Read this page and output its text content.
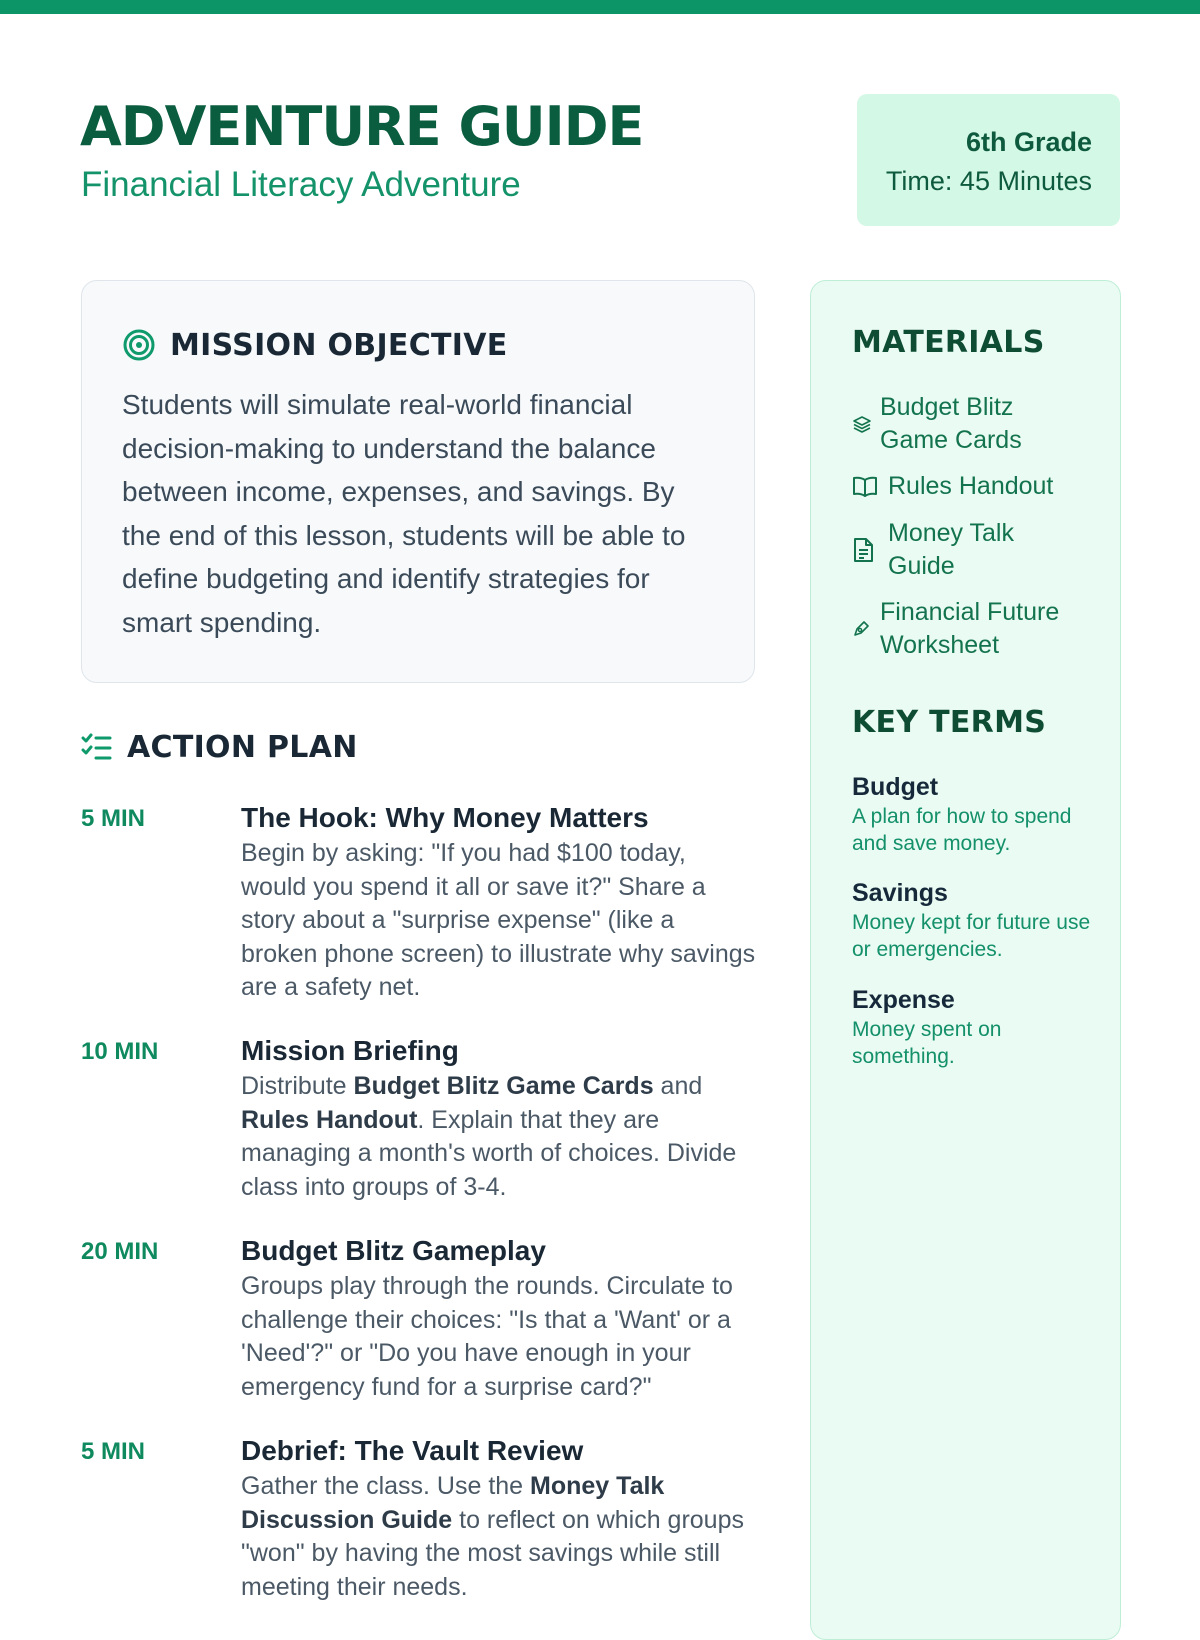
ADVENTURE GUIDE
Financial Literacy Adventure
6th Grade
Time: 45 Minutes
MISSION OBJECTIVE

Students will simulate real-world financial decision-making to understand the balance between income, expenses, and savings. By the end of this lesson, students will be able to define budgeting and identify strategies for smart spending.

ACTION PLAN
5 MIN	The Hook: Why Money Matters
Begin by asking: "If you had $100 today, would you spend it all or save it?" Share a story about a "surprise expense" (like a broken phone screen) to illustrate why savings are a safety net.
10 MIN	Mission Briefing
Distribute Budget Blitz Game Cards and Rules Handout. Explain that they are managing a month's worth of choices. Divide class into groups of 3-4.
20 MIN	Budget Blitz Gameplay
Groups play through the rounds. Circulate to challenge their choices: "Is that a 'Want' or a 'Need'?" or "Do you have enough in your emergency fund for a surprise card?"
5 MIN	Debrief: The Vault Review
Gather the class. Use the Money Talk Discussion Guide to reflect on which groups "won" by having the most savings while still meeting their needs.
MATERIALS
Budget Blitz Game Cards
Rules Handout
Money Talk Guide
Financial Future Worksheet
KEY TERMS
Budget
A plan for how to spend and save money.
Savings
Money kept for future use or emergencies.
Expense
Money spent on something.
